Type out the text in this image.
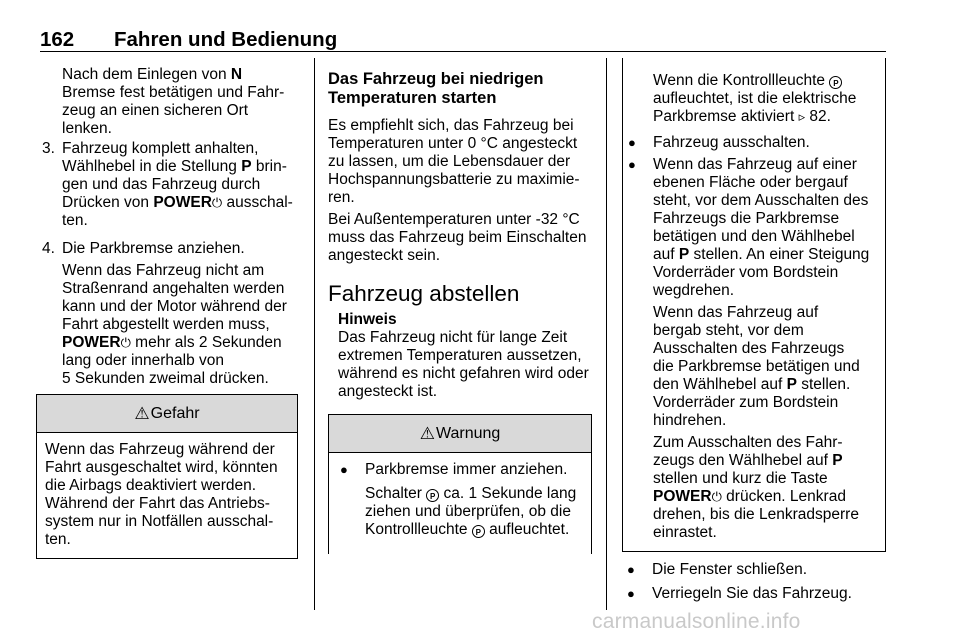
162 Fahren und Bedienung

Nach dem Einlegen von N
Bremse fest betätigen und Fahr-
zeug an einen sicheren Ort
lenken.

3. Fahrzeug komplett anhalten,
Wählhebel in die Stellung P brin-
gen und das Fahrzeug durch
Drücken von POWER⏻ ausschal-
ten.

4. Die Parkbremse anziehen.

Wenn das Fahrzeug nicht am
Straßenrand angehalten werden
kann und der Motor während der
Fahrt abgestellt werden muss,
POWER⏻ mehr als 2 Sekunden
lang oder innerhalb von
5 Sekunden zweimal drücken.

⚠ Gefahr

Wenn das Fahrzeug während der
Fahrt ausgeschaltet wird, könnten
die Airbags deaktiviert werden.
Während der Fahrt das Antriebs-
system nur in Notfällen ausschal-
ten.

Das Fahrzeug bei niedrigen
Temperaturen starten

Es empfiehlt sich, das Fahrzeug bei
Temperaturen unter 0 °C angesteckt
zu lassen, um die Lebensdauer der
Hochspannungsbatterie zu maximie-
ren.

Bei Außentemperaturen unter -32 °C
muss das Fahrzeug beim Einschalten
angesteckt sein.

Fahrzeug abstellen

Hinweis

Das Fahrzeug nicht für lange Zeit
extremen Temperaturen aussetzen,
während es nicht gefahren wird oder
angesteckt ist.

⚠ Warnung
● Parkbremse immer anziehen.

Schalter P ca. 1 Sekunde lang
ziehen und überprüfen, ob die
Kontrollleuchte P aufleuchtet.

Wenn die Kontrollleuchte P
aufleuchtet, ist die elektrische
Parkbremse aktiviert ▹ 82.

● Fahrzeug ausschalten.
● Wenn das Fahrzeug auf einer
ebenen Fläche oder bergauf
steht, vor dem Ausschalten des
Fahrzeugs die Parkbremse
betätigen und den Wählhebel
auf P stellen. An einer Steigung
Vorderräder vom Bordstein
wegdrehen.

Wenn das Fahrzeug auf
bergab steht, vor dem
Ausschalten des Fahrzeugs
die Parkbremse betätigen und
den Wählhebel auf P stellen.
Vorderräder zum Bordstein
hindrehen.

Zum Ausschalten des Fahr-
zeugs den Wählhebel auf P
stellen und kurz die Taste
POWER⏻ drücken. Lenkrad
drehen, bis die Lenkradsperre
einrastet.

● Die Fenster schließen.
● Verriegeln Sie das Fahrzeug.
carmanualsonline.info
